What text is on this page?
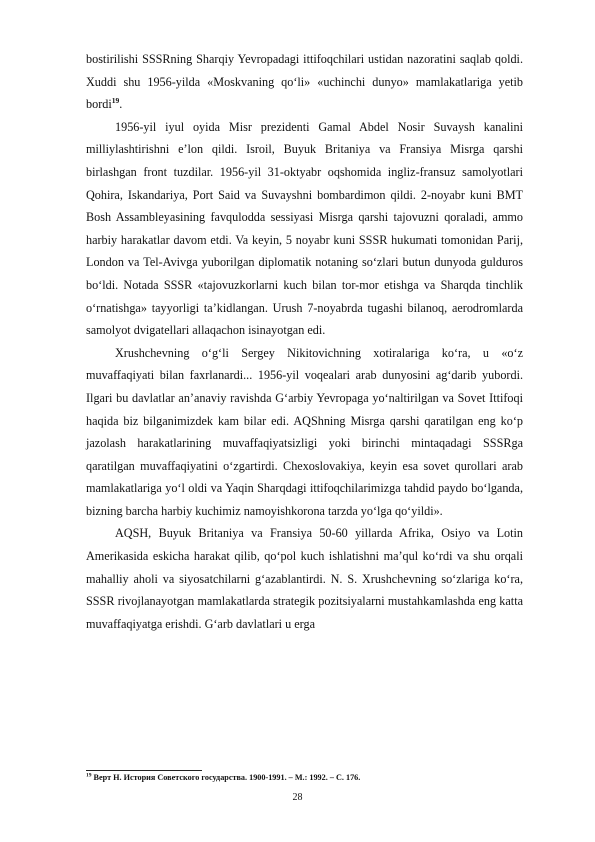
bostirilishi SSSRning Sharqiy Yevropadagi ittifoqchilari ustidan nazoratini saqlab qoldi. Xuddi shu 1956-yilda «Moskvaning qo‘li» «uchinchi dunyo» mamlakatlariga yetib bordi$^{19}$.

1956-yil iyul oyida Misr prezidenti Gamal Abdel Nosir Suvaysh kanalini milliylashtirishni e’lon qildi. Isroil, Buyuk Britaniya va Fransiya Misrga qarshi birlashgan front tuzdilar. 1956-yil 31-oktyabr oqshomida ingliz-fransuz samolyotlari Qohira, Iskandariya, Port Said va Suvayshni bombardimon qildi. 2-noyabr kuni BMT Bosh Assambleyasining favqulodda sessiyasi Misrga qarshi tajovuzni qoraladi, ammo harbiy harakatlar davom etdi. Va keyin, 5 noyabr kuni SSSR hukumati tomonidan Parij, London va Tel-Avivga yuborilgan diplomatik notaning so‘zlari butun dunyoda gulduros bo‘ldi. Notada SSSR «tajovuzkorlarni kuch bilan tor-mor etishga va Sharqda tinchlik o‘rnatishga» tayyorligi ta’kidlangan. Urush 7-noyabrda tugashi bilanoq, aerodromlarda samolyot dvigatellari allaqachon isinayotgan edi.

Xrushchevning o‘g‘li Sergey Nikitovichning xotiralariga ko‘ra, u «o‘z muvaffaqiyati bilan faxrlanardi... 1956-yil voqealari arab dunyosini ag‘darib yubordi. Ilgari bu davlatlar an’anaviy ravishda G‘arbiy Yevropaga yo‘naltirilgan va Sovet Ittifoqi haqida biz bilganimizdek kam bilar edi. AQShning Misrga qarshi qaratilgan eng ko‘p jazolash harakatlarining muvaffaqiyatsizligi yoki birinchi mintaqadagi SSSRga qaratilgan muvaffaqiyatini o‘zgartirdi. Chexoslovakiya, keyin esa sovet qurollari arab mamlakatlariga yo‘l oldi va Yaqin Sharqdagi ittifoqchilarimizga tahdid paydo bo‘lganda, bizning barcha harbiy kuchimiz namoyishkorona tarzda yo‘lga qo‘yildi».

AQSH, Buyuk Britaniya va Fransiya 50-60 yillarda Afrika, Osiyo va Lotin Amerikasida eskicha harakat qilib, qo‘pol kuch ishlatishni ma’qul ko‘rdi va shu orqali mahalliy aholi va siyosatchilarni g‘azablantirdi. N. S. Xrushchevning so‘zlariga ko‘ra, SSSR rivojlanayotgan mamlakatlarda strategik pozitsiyalarni mustahkamlashda eng katta muvaffaqiyatga erishdi. G‘arb davlatlari u erga

$^{19}$ Верт Н. История Советского государства. 1900-1991. – М.: 1992. – С. 176.
28
